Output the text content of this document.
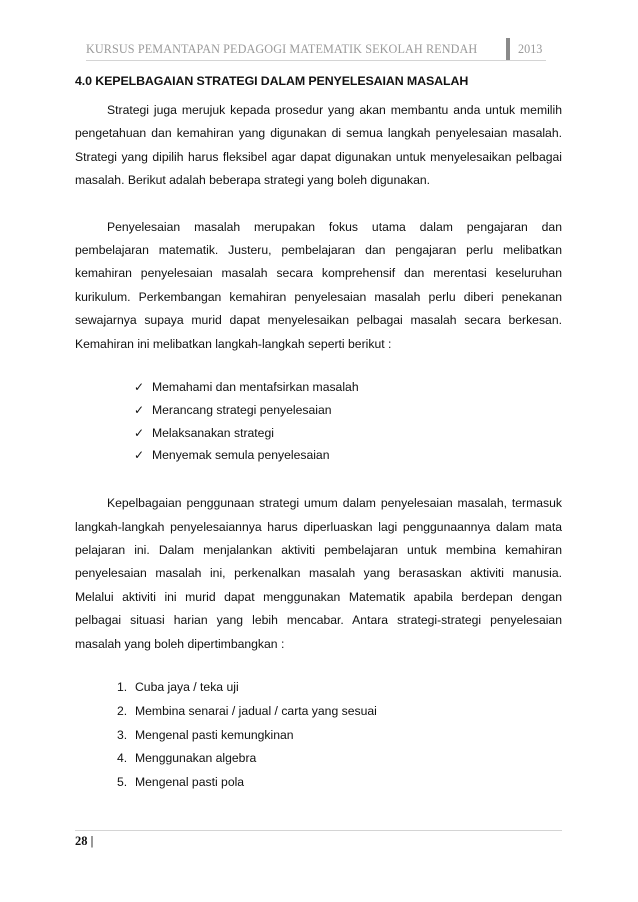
KURSUS PEMANTAPAN PEDAGOGI MATEMATIK SEKOLAH RENDAH	2013
4.0 KEPELBAGAIAN STRATEGI DALAM PENYELESAIAN MASALAH

Strategi juga merujuk kepada prosedur yang akan membantu anda untuk memilih pengetahuan dan kemahiran yang digunakan di semua langkah penyelesaian masalah. Strategi yang dipilih harus fleksibel agar dapat digunakan untuk menyelesaikan pelbagai masalah. Berikut adalah beberapa strategi yang boleh digunakan.

Penyelesaian masalah merupakan fokus utama dalam pengajaran dan pembelajaran matematik. Justeru, pembelajaran dan pengajaran perlu melibatkan kemahiran penyelesaian masalah secara komprehensif dan merentasi keseluruhan kurikulum. Perkembangan kemahiran penyelesaian masalah perlu diberi penekanan sewajarnya supaya murid dapat menyelesaikan pelbagai masalah secara berkesan. Kemahiran ini melibatkan langkah-langkah seperti berikut :

✓ Memahami dan mentafsirkan masalah
✓ Merancang strategi penyelesaian
✓ Melaksanakan strategi
✓ Menyemak semula penyelesaian

Kepelbagaian penggunaan strategi umum dalam penyelesaian masalah, termasuk langkah-langkah penyelesaiannya harus diperluaskan lagi penggunaannya dalam mata pelajaran ini. Dalam menjalankan aktiviti pembelajaran untuk membina kemahiran penyelesaian masalah ini, perkenalkan masalah yang berasaskan aktiviti manusia. Melalui aktiviti ini murid dapat menggunakan Matematik apabila berdepan dengan pelbagai situasi harian yang lebih mencabar. Antara strategi-strategi penyelesaian masalah yang boleh dipertimbangkan :

1. Cuba jaya / teka uji
2. Membina senarai / jadual / carta yang sesuai
3. Mengenal pasti kemungkinan
4. Menggunakan algebra
5. Mengenal pasti pola
28 |
